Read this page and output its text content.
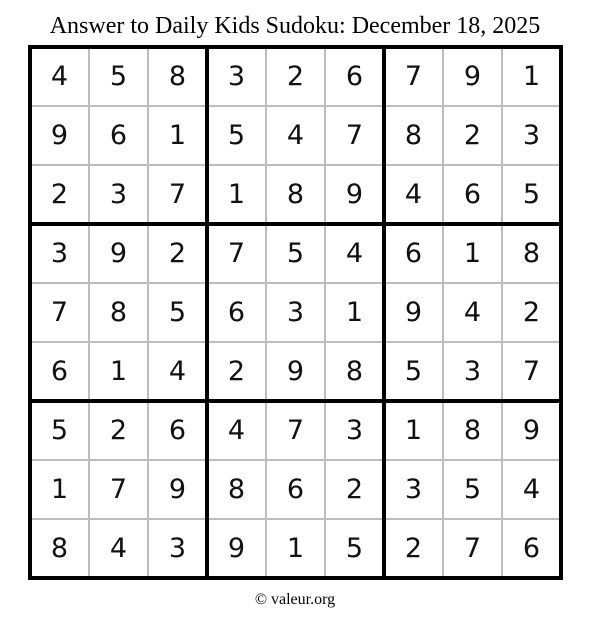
Answer to Daily Kids Sudoku: December 18, 2025
4	5	8	3	2	6	7	9	1
9	6	1	5	4	7	8	2	3
2	3	7	1	8	9	4	6	5
3	9	2	7	5	4	6	1	8
7	8	5	6	3	1	9	4	2
6	1	4	2	9	8	5	3	7
5	2	6	4	7	3	1	8	9
1	7	9	8	6	2	3	5	4
8	4	3	9	1	5	2	7	6
© valeur.org
